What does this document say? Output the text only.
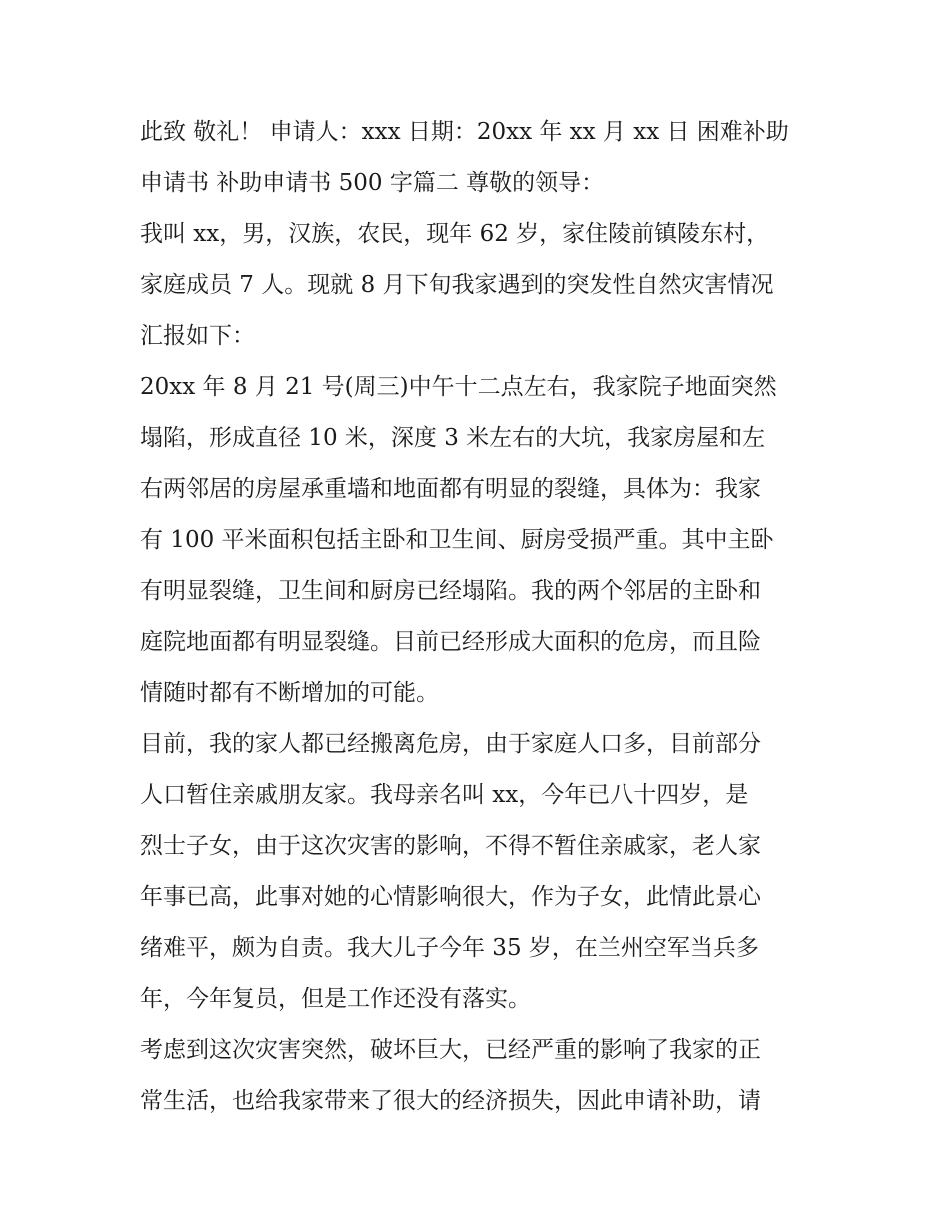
此致 敬礼！ 申请人：xxx 日期：20xx 年 xx 月 xx 日 困难补助
申请书 补助申请书 500 字篇二 尊敬的领导：
我叫 xx，男，汉族，农民，现年 62 岁，家住陵前镇陵东村，
家庭成员 7 人。现就 8 月下旬我家遇到的突发性自然灾害情况
汇报如下：
20xx 年 8 月 21 号(周三)中午十二点左右，我家院子地面突然
塌陷，形成直径 10 米，深度 3 米左右的大坑，我家房屋和左
右两邻居的房屋承重墙和地面都有明显的裂缝，具体为：我家
有 100 平米面积包括主卧和卫生间、厨房受损严重。其中主卧
有明显裂缝，卫生间和厨房已经塌陷。我的两个邻居的主卧和
庭院地面都有明显裂缝。目前已经形成大面积的危房，而且险
情随时都有不断增加的可能。
目前，我的家人都已经搬离危房，由于家庭人口多，目前部分
人口暂住亲戚朋友家。我母亲名叫 xx，今年已八十四岁，是
烈士子女，由于这次灾害的影响，不得不暂住亲戚家，老人家
年事已高，此事对她的心情影响很大，作为子女，此情此景心
绪难平，颇为自责。我大儿子今年 35 岁，在兰州空军当兵多
年，今年复员，但是工作还没有落实。
考虑到这次灾害突然，破坏巨大，已经严重的影响了我家的正
常生活，也给我家带来了很大的经济损失，因此申请补助，请
